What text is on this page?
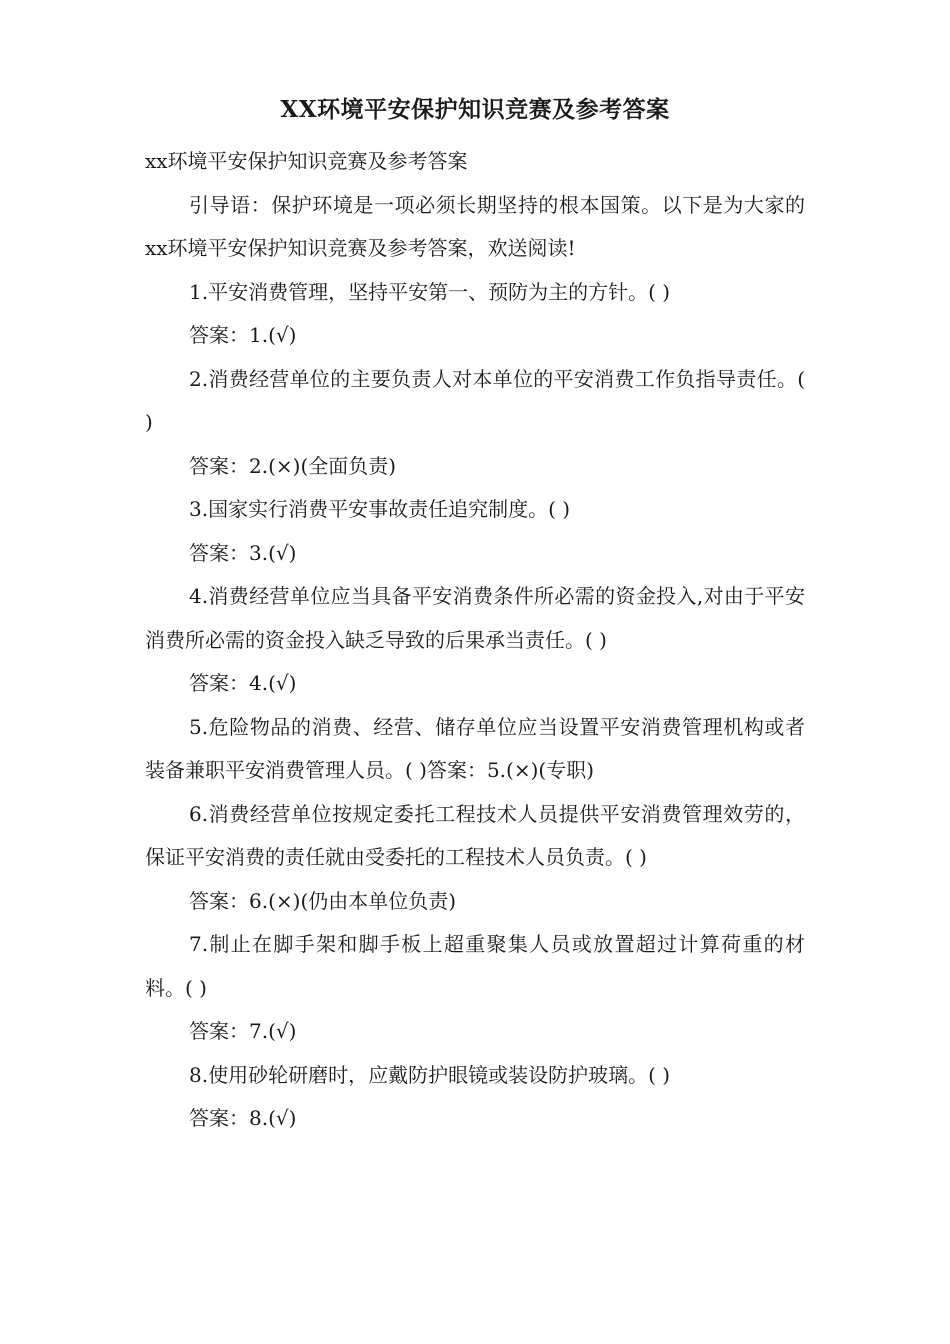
XX环境平安保护知识竞赛及参考答案

xx环境平安保护知识竞赛及参考答案

引导语：保护环境是一项必须长期坚持的根本国策。以下是为大家的xx环境平安保护知识竞赛及参考答案，欢送阅读!

1.平安消费管理，坚持平安第一、预防为主的方针。( )

答案：1.(√)

2.消费经营单位的主要负责人对本单位的平安消费工作负指导责任。( )

答案：2.(×)(全面负责)

3.国家实行消费平安事故责任追究制度。( )

答案：3.(√)

4.消费经营单位应当具备平安消费条件所必需的资金投入,对由于平安消费所必需的资金投入缺乏导致的后果承当责任。( )

答案：4.(√)

5.危险物品的消费、经营、储存单位应当设置平安消费管理机构或者装备兼职平安消费管理人员。( )答案：5.(×)(专职)

6.消费经营单位按规定委托工程技术人员提供平安消费管理效劳的，保证平安消费的责任就由受委托的工程技术人员负责。( )

答案：6.(×)(仍由本单位负责)

7.制止在脚手架和脚手板上超重聚集人员或放置超过计算荷重的材料。( )

答案：7.(√)

8.使用砂轮研磨时，应戴防护眼镜或装设防护玻璃。( )

答案：8.(√)
